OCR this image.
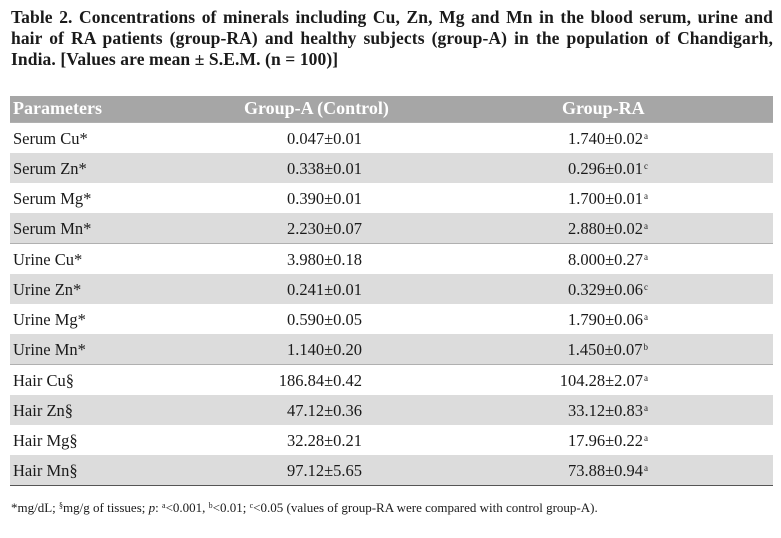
Table 2. Concentrations of minerals including Cu, Zn, Mg and Mn in the blood serum, urine and hair of RA patients (group-RA) and healthy subjects (group-A) in the population of Chandigarh, India. [Values are mean ± S.E.M. (n = 100)]
Parameters	Group-A (Control)	Group-RA
Serum Cu*	0.047±0.01	1.740±0.02$^a$
Serum Zn*	0.338±0.01	0.296±0.01$^c$
Serum Mg*	0.390±0.01	1.700±0.01$^a$
Serum Mn*	2.230±0.07	2.880±0.02$^a$
Urine Cu*	3.980±0.18	8.000±0.27$^a$
Urine Zn*	0.241±0.01	0.329±0.06$^c$
Urine Mg*	0.590±0.05	1.790±0.06$^a$
Urine Mn*	1.140±0.20	1.450±0.07$^b$
Hair Cu§	186.84±0.42	104.28±2.07$^a$
Hair Zn§	47.12±0.36	33.12±0.83$^a$
Hair Mg§	32.28±0.21	17.96±0.22$^a$
Hair Mn§	97.12±5.65	73.88±0.94$^a$
*mg/dL; §mg/g of tissues; p: $^a$<0.001, $^b$<0.01; $^c$<0.05 (values of group-RA were compared with control group-A).
